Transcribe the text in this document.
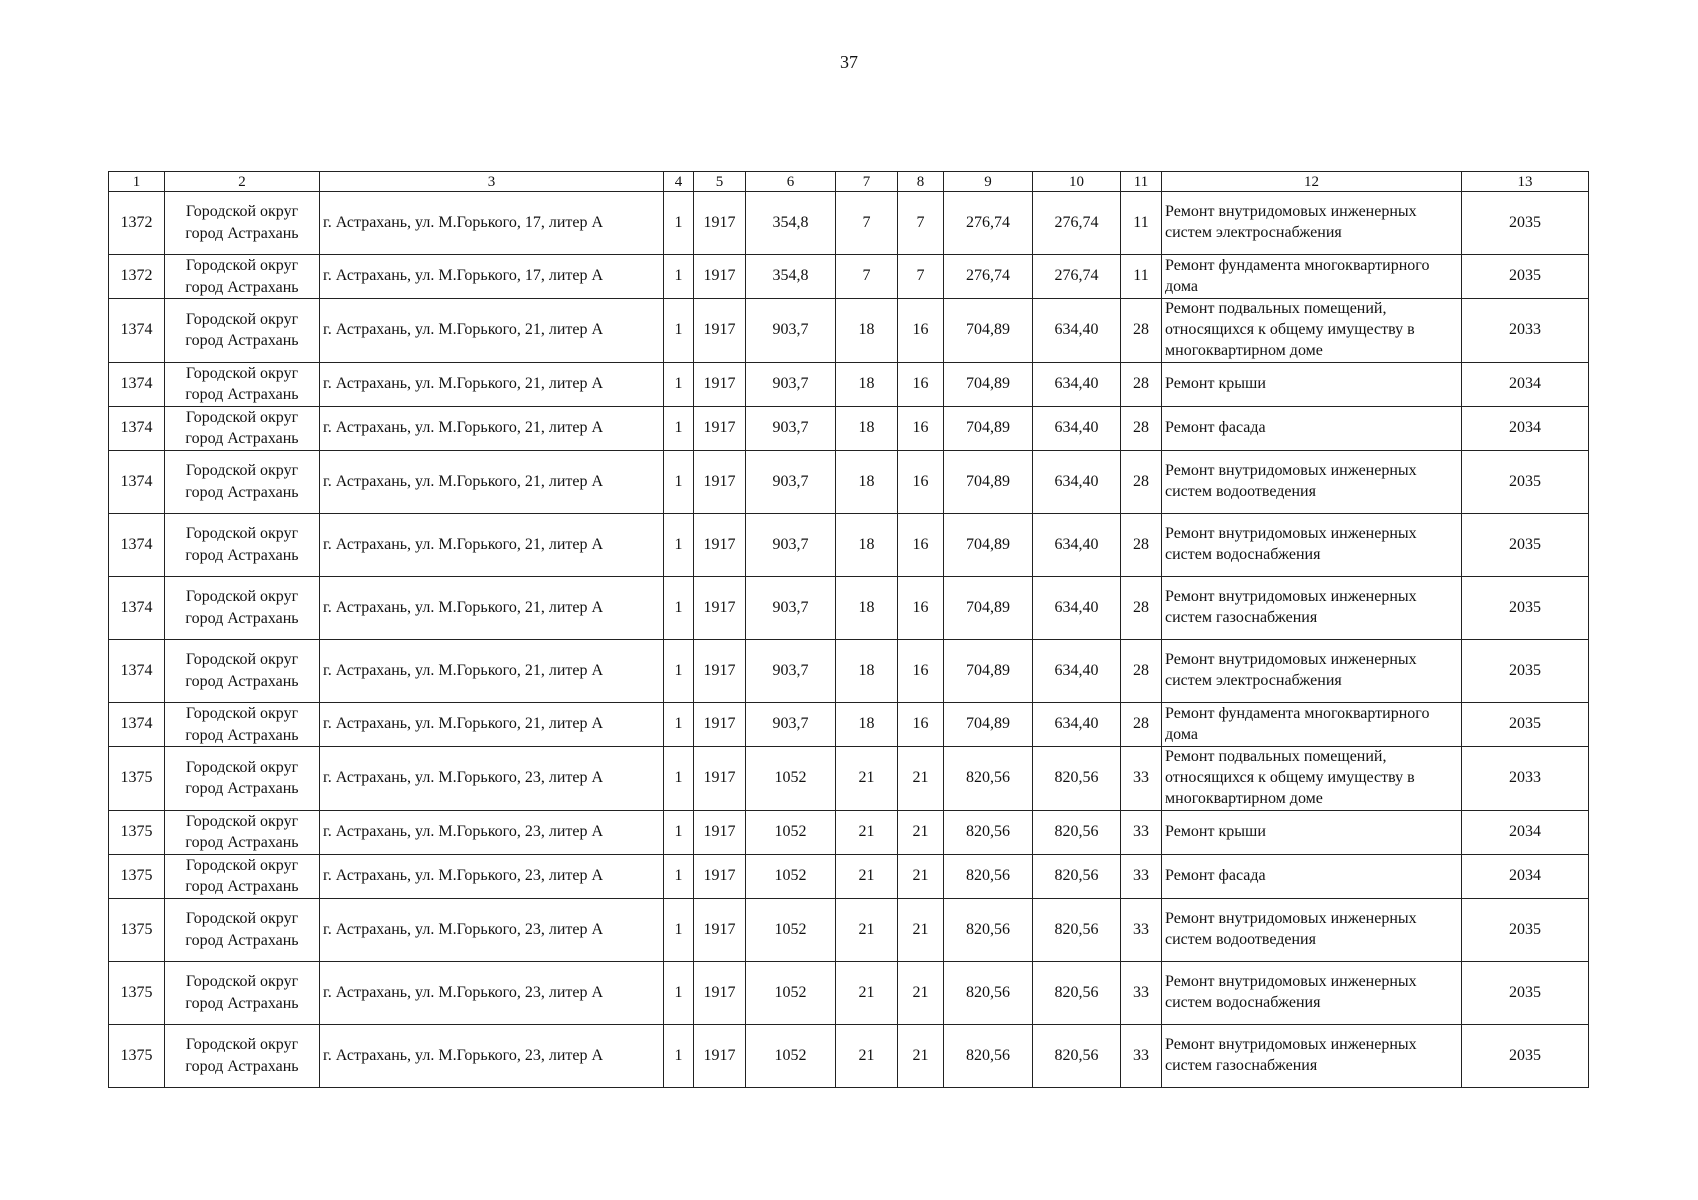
37
1	2	3	4	5	6	7	8	9	10	11	12	13
1372	Городской округ город Астрахань	г. Астрахань, ул. М.Горького, 17, литер А	1	1917	354,8	7	7	276,74	276,74	11	Ремонт внутридомовых инженерных систем электроснабжения	2035
1372	Городской округ город Астрахань	г. Астрахань, ул. М.Горького, 17, литер А	1	1917	354,8	7	7	276,74	276,74	11	Ремонт фундамента многоквартирного дома	2035
1374	Городской округ город Астрахань	г. Астрахань, ул. М.Горького, 21, литер А	1	1917	903,7	18	16	704,89	634,40	28	Ремонт подвальных помещений, относящихся к общему имуществу в многоквартирном доме	2033
1374	Городской округ город Астрахань	г. Астрахань, ул. М.Горького, 21, литер А	1	1917	903,7	18	16	704,89	634,40	28	Ремонт крыши	2034
1374	Городской округ город Астрахань	г. Астрахань, ул. М.Горького, 21, литер А	1	1917	903,7	18	16	704,89	634,40	28	Ремонт фасада	2034
1374	Городской округ город Астрахань	г. Астрахань, ул. М.Горького, 21, литер А	1	1917	903,7	18	16	704,89	634,40	28	Ремонт внутридомовых инженерных систем водоотведения	2035
1374	Городской округ город Астрахань	г. Астрахань, ул. М.Горького, 21, литер А	1	1917	903,7	18	16	704,89	634,40	28	Ремонт внутридомовых инженерных систем водоснабжения	2035
1374	Городской округ город Астрахань	г. Астрахань, ул. М.Горького, 21, литер А	1	1917	903,7	18	16	704,89	634,40	28	Ремонт внутридомовых инженерных систем газоснабжения	2035
1374	Городской округ город Астрахань	г. Астрахань, ул. М.Горького, 21, литер А	1	1917	903,7	18	16	704,89	634,40	28	Ремонт внутридомовых инженерных систем электроснабжения	2035
1374	Городской округ город Астрахань	г. Астрахань, ул. М.Горького, 21, литер А	1	1917	903,7	18	16	704,89	634,40	28	Ремонт фундамента многоквартирного дома	2035
1375	Городской округ город Астрахань	г. Астрахань, ул. М.Горького, 23, литер А	1	1917	1052	21	21	820,56	820,56	33	Ремонт подвальных помещений, относящихся к общему имуществу в многоквартирном доме	2033
1375	Городской округ город Астрахань	г. Астрахань, ул. М.Горького, 23, литер А	1	1917	1052	21	21	820,56	820,56	33	Ремонт крыши	2034
1375	Городской округ город Астрахань	г. Астрахань, ул. М.Горького, 23, литер А	1	1917	1052	21	21	820,56	820,56	33	Ремонт фасада	2034
1375	Городской округ город Астрахань	г. Астрахань, ул. М.Горького, 23, литер А	1	1917	1052	21	21	820,56	820,56	33	Ремонт внутридомовых инженерных систем водоотведения	2035
1375	Городской округ город Астрахань	г. Астрахань, ул. М.Горького, 23, литер А	1	1917	1052	21	21	820,56	820,56	33	Ремонт внутридомовых инженерных систем водоснабжения	2035
1375	Городской округ город Астрахань	г. Астрахань, ул. М.Горького, 23, литер А	1	1917	1052	21	21	820,56	820,56	33	Ремонт внутридомовых инженерных систем газоснабжения	2035
